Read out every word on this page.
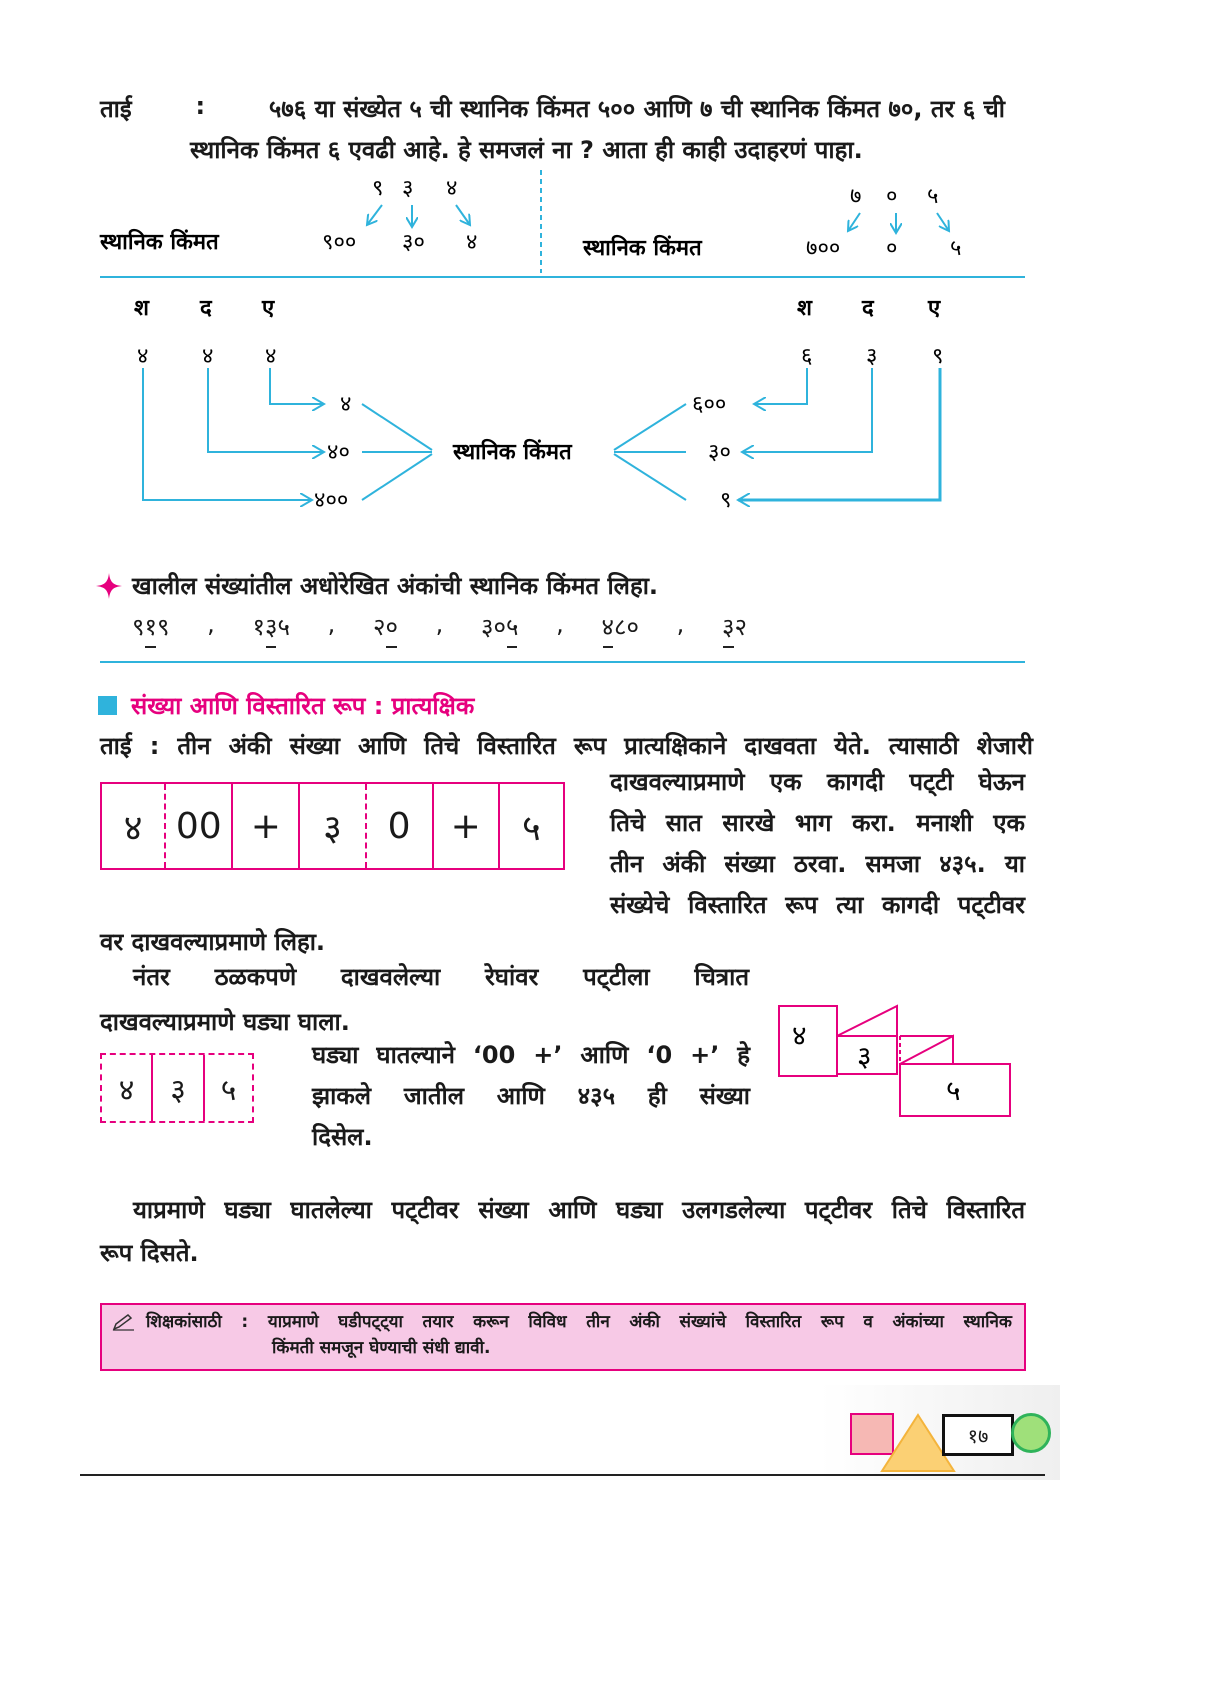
ताई	:	५७६ या संख्येत ५ ची स्थानिक किंमत ५०० आणि ७ ची स्थानिक किंमत ७०, तर ६ ची
स्थानिक किंमत ६ एवढी आहे. हे समजलं ना ? आता ही काही उदाहरणं पाहा.
९ ३ ४
स्थानिक किंमत	९०० ३० ४
७ ० ५
स्थानिक किंमत	७०० ० ५
श द ए	श द ए
४ ४ ४
४
४०
४००
स्थानिक किंमत
६००
३०
९
६ ३ ९
खालील संख्यांतील अधोरेखित अंकांची स्थानिक किंमत लिहा.
९१९ , १३५ , २० , ३०५ , ४८० , ३२
संख्या आणि विस्तारित रूप : प्रात्यक्षिक
ताई : तीन अंकी संख्या आणि तिचे विस्तारित रूप प्रात्यक्षिकाने दाखवता येते. त्यासाठी शेजारी
४ 00 +	३	0	+	५
दाखवल्याप्रमाणे एक कागदी पट्‌टी घेऊन
तिचे सात सारखे भाग करा. मनाशी एक
तीन अंकी संख्या ठरवा. समजा ४३५. या
संख्येचे विस्तारित रूप त्या कागदी पट्‌टीवर
वर दाखवल्याप्रमाणे लिहा.
नंतर ठळकपणे दाखवलेल्या रेघांवर पट्‌टीला चित्रात
दाखवल्याप्रमाणे घड्या घाला.
४	३	५
घड्या घातल्याने ‘00 +’ आणि ‘0 +’ हे
झाकले जातील आणि ४३५ ही संख्या
दिसेल.
४
३
५
याप्रमाणे घड्या घातलेल्या पट्‌टीवर संख्या आणि घड्या उलगडलेल्या पट्‌टीवर तिचे विस्तारित
रूप दिसते.
शिक्षकांसाठी : याप्रमाणे घडीपट्ट्या तयार करून विविध तीन अंकी संख्यांचे विस्तारित रूप व अंकांच्या स्थानिक
किंमती समजून घेण्याची संधी द्यावी.
१७
